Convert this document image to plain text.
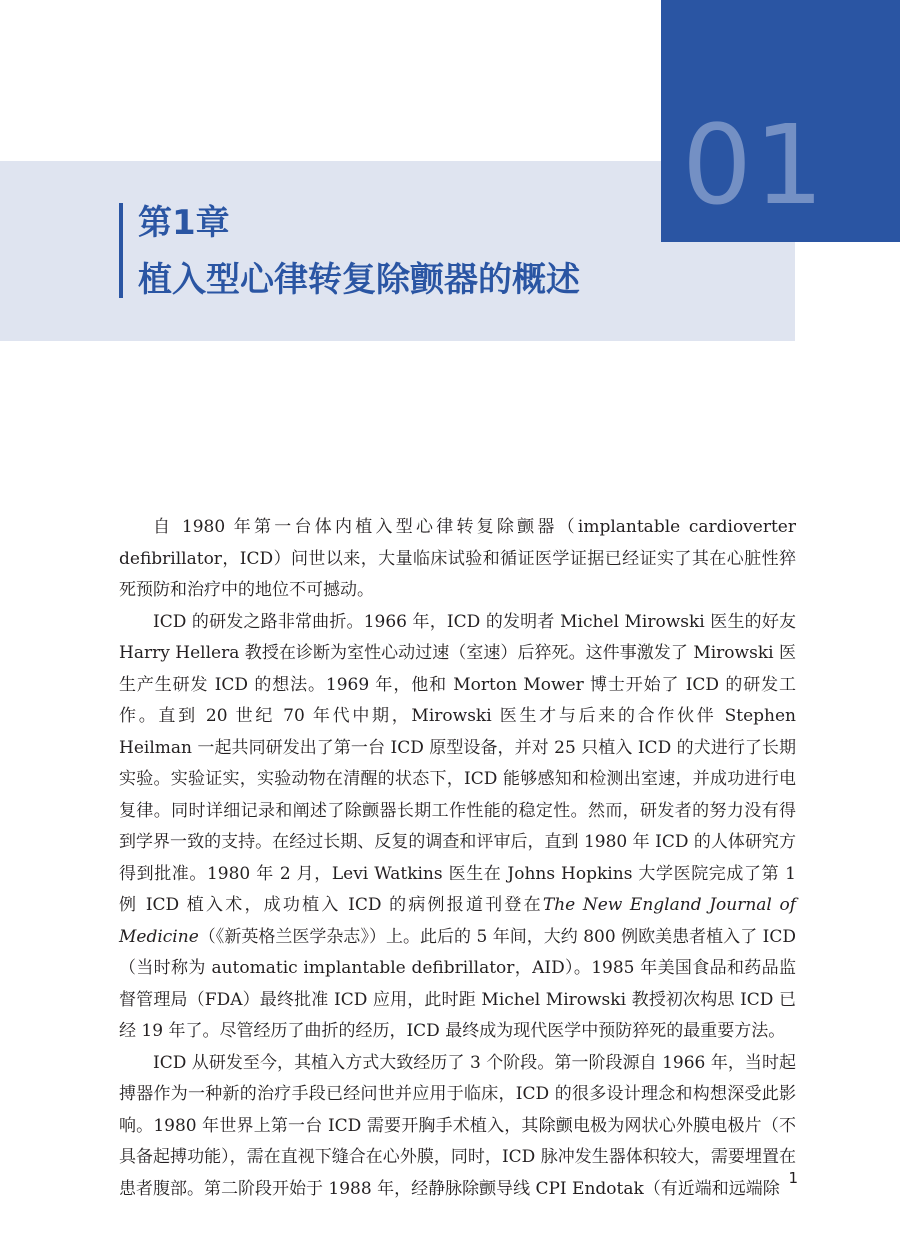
01
第1章
植入型心律转复除颤器的概述

自 1980 年第一台体内植入型心律转复除颤器（implantable cardioverter defibrillator，ICD）问世以来，大量临床试验和循证医学证据已经证实了其在心脏性猝死预防和治疗中的地位不可撼动。

ICD 的研发之路非常曲折。1966 年，ICD 的发明者 Michel Mirowski 医生的好友 Harry Hellera 教授在诊断为室性心动过速（室速）后猝死。这件事激发了 Mirowski 医生产生研发 ICD 的想法。1969 年，他和 Morton Mower 博士开始了 ICD 的研发工作。直到 20 世纪 70 年代中期，Mirowski 医生才与后来的合作伙伴 Stephen Heilman 一起共同研发出了第一台 ICD 原型设备，并对 25 只植入 ICD 的犬进行了长期实验。实验证实，实验动物在清醒的状态下，ICD 能够感知和检测出室速，并成功进行电复律。同时详细记录和阐述了除颤器长期工作性能的稳定性。然而，研发者的努力没有得到学界一致的支持。在经过长期、反复的调查和评审后，直到 1980 年 ICD 的人体研究方得到批准。1980 年 2 月，Levi Watkins 医生在 Johns Hopkins 大学医院完成了第 1 例 ICD 植入术，成功植入 ICD 的病例报道刊登在The New England Journal of Medicine（《新英格兰医学杂志》）上。此后的 5 年间，大约 800 例欧美患者植入了 ICD（当时称为 automatic implantable defibrillator，AID）。1985 年美国食品和药品监督管理局（FDA）最终批准 ICD 应用，此时距 Michel Mirowski 教授初次构思 ICD 已经 19 年了。尽管经历了曲折的经历，ICD 最终成为现代医学中预防猝死的最重要方法。

ICD 从研发至今，其植入方式大致经历了 3 个阶段。第一阶段源自 1966 年，当时起搏器作为一种新的治疗手段已经问世并应用于临床，ICD 的很多设计理念和构想深受此影响。1980 年世界上第一台 ICD 需要开胸手术植入，其除颤电极为网状心外膜电极片（不具备起搏功能），需在直视下缝合在心外膜，同时，ICD 脉冲发生器体积较大，需要埋置在患者腹部。第二阶段开始于 1988 年，经静脉除颤导线 CPI Endotak（有近端和远端除

1
